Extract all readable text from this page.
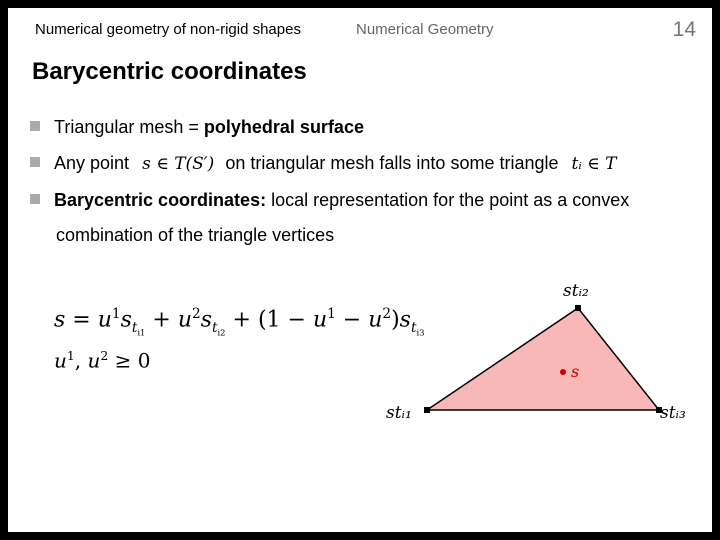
Numerical geometry of non-rigid shapes	Numerical Geometry	14
Barycentric coordinates
Triangular mesh = polyhedral surface
Any point s ∈ T(S′) on triangular mesh falls into some triangle tᵢ ∈ T
Barycentric coordinates: local representation for the point as a convex
combination of the triangle vertices
$s = u^1s_{t_{i1}} + u^2s_{t_{i2}} + (1 - u^1 - u^2)s_{t_{i3}}$
$u^1$, $u^2 \ge 0$
stᵢ₂
stᵢ₁	stᵢ₃
s
